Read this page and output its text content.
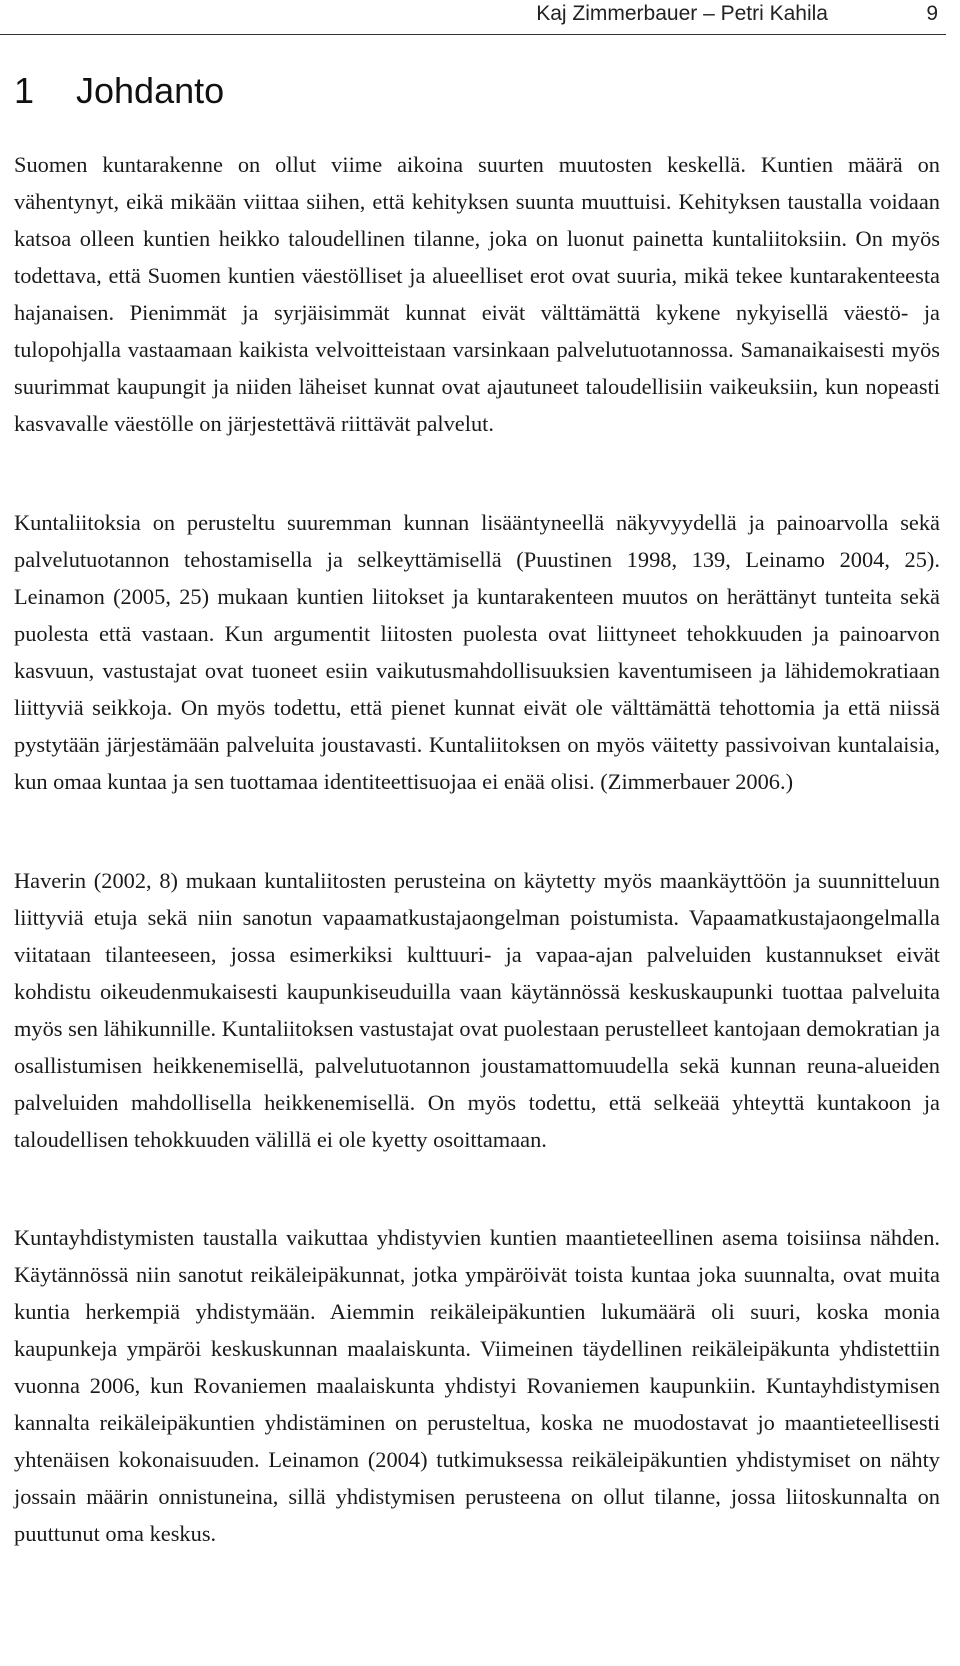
Kaj Zimmerbauer – Petri Kahila	9
1 Johdanto

Suomen kuntarakenne on ollut viime aikoina suurten muutosten keskellä. Kuntien määrä on vähentynyt, eikä mikään viittaa siihen, että kehityksen suunta muuttuisi. Kehityksen taustalla voidaan katsoa olleen kuntien heikko taloudellinen tilanne, joka on luonut painetta kuntaliitoksiin. On myös todettava, että Suomen kuntien väestölliset ja alueelliset erot ovat suuria, mikä tekee kuntarakenteesta hajanaisen. Pienimmät ja syrjäisimmät kunnat eivät välttämättä kykene nykyisellä väestö- ja tulopohjalla vastaamaan kaikista velvoitteistaan varsinkaan palvelutuotannossa. Samanaikaisesti myös suurimmat kaupungit ja niiden läheiset kunnat ovat ajautuneet taloudellisiin vaikeuksiin, kun nopeasti kasvavalle väestölle on järjestettävä riittävät palvelut.

Kuntaliitoksia on perusteltu suuremman kunnan lisääntyneellä näkyvyydellä ja painoarvolla sekä palvelutuotannon tehostamisella ja selkeyttämisellä (Puustinen 1998, 139, Leinamo 2004, 25). Leinamon (2005, 25) mukaan kuntien liitokset ja kuntarakenteen muutos on herättänyt tunteita sekä puolesta että vastaan. Kun argumentit liitosten puolesta ovat liittyneet tehokkuuden ja painoarvon kasvuun, vastustajat ovat tuoneet esiin vaikutusmahdollisuuksien kaventumiseen ja lähidemokratiaan liittyviä seikkoja. On myös todettu, että pienet kunnat eivät ole välttämättä tehottomia ja että niissä pystytään järjestämään palveluita joustavasti. Kuntaliitoksen on myös väitetty passivoivan kuntalaisia, kun omaa kuntaa ja sen tuottamaa identiteettisuojaa ei enää olisi. (Zimmerbauer 2006.)

Haverin (2002, 8) mukaan kuntaliitosten perusteina on käytetty myös maankäyttöön ja suunnitteluun liittyviä etuja sekä niin sanotun vapaamatkustajaongelman poistumista. Vapaamatkustajaongelmalla viitataan tilanteeseen, jossa esimerkiksi kulttuuri- ja vapaa-ajan palveluiden kustannukset eivät kohdistu oikeudenmukaisesti kaupunkiseuduilla vaan käytännössä keskuskaupunki tuottaa palveluita myös sen lähikunnille. Kuntaliitoksen vastustajat ovat puolestaan perustelleet kantojaan demokratian ja osallistumisen heikkenemisellä, palvelutuotannon joustamattomuudella sekä kunnan reuna-alueiden palveluiden mahdollisella heikkenemisellä. On myös todettu, että selkeää yhteyttä kuntakoon ja taloudellisen tehokkuuden välillä ei ole kyetty osoittamaan.

Kuntayhdistymisten taustalla vaikuttaa yhdistyvien kuntien maantieteellinen asema toisiinsa nähden. Käytännössä niin sanotut reikäleipäkunnat, jotka ympäröivät toista kuntaa joka suunnalta, ovat muita kuntia herkempiä yhdistymään. Aiemmin reikäleipäkuntien lukumäärä oli suuri, koska monia kaupunkeja ympäröi keskuskunnan maalaiskunta. Viimeinen täydellinen reikäleipäkunta yhdistettiin vuonna 2006, kun Rovaniemen maalaiskunta yhdistyi Rovaniemen kaupunkiin. Kuntayhdistymisen kannalta reikäleipäkuntien yhdistäminen on perusteltua, koska ne muodostavat jo maantieteellisesti yhtenäisen kokonaisuuden. Leinamon (2004) tutkimuksessa reikäleipäkuntien yhdistymiset on nähty jossain määrin onnistuneina, sillä yhdistymisen perusteena on ollut tilanne, jossa liitoskunnalta on puuttunut oma keskus.
